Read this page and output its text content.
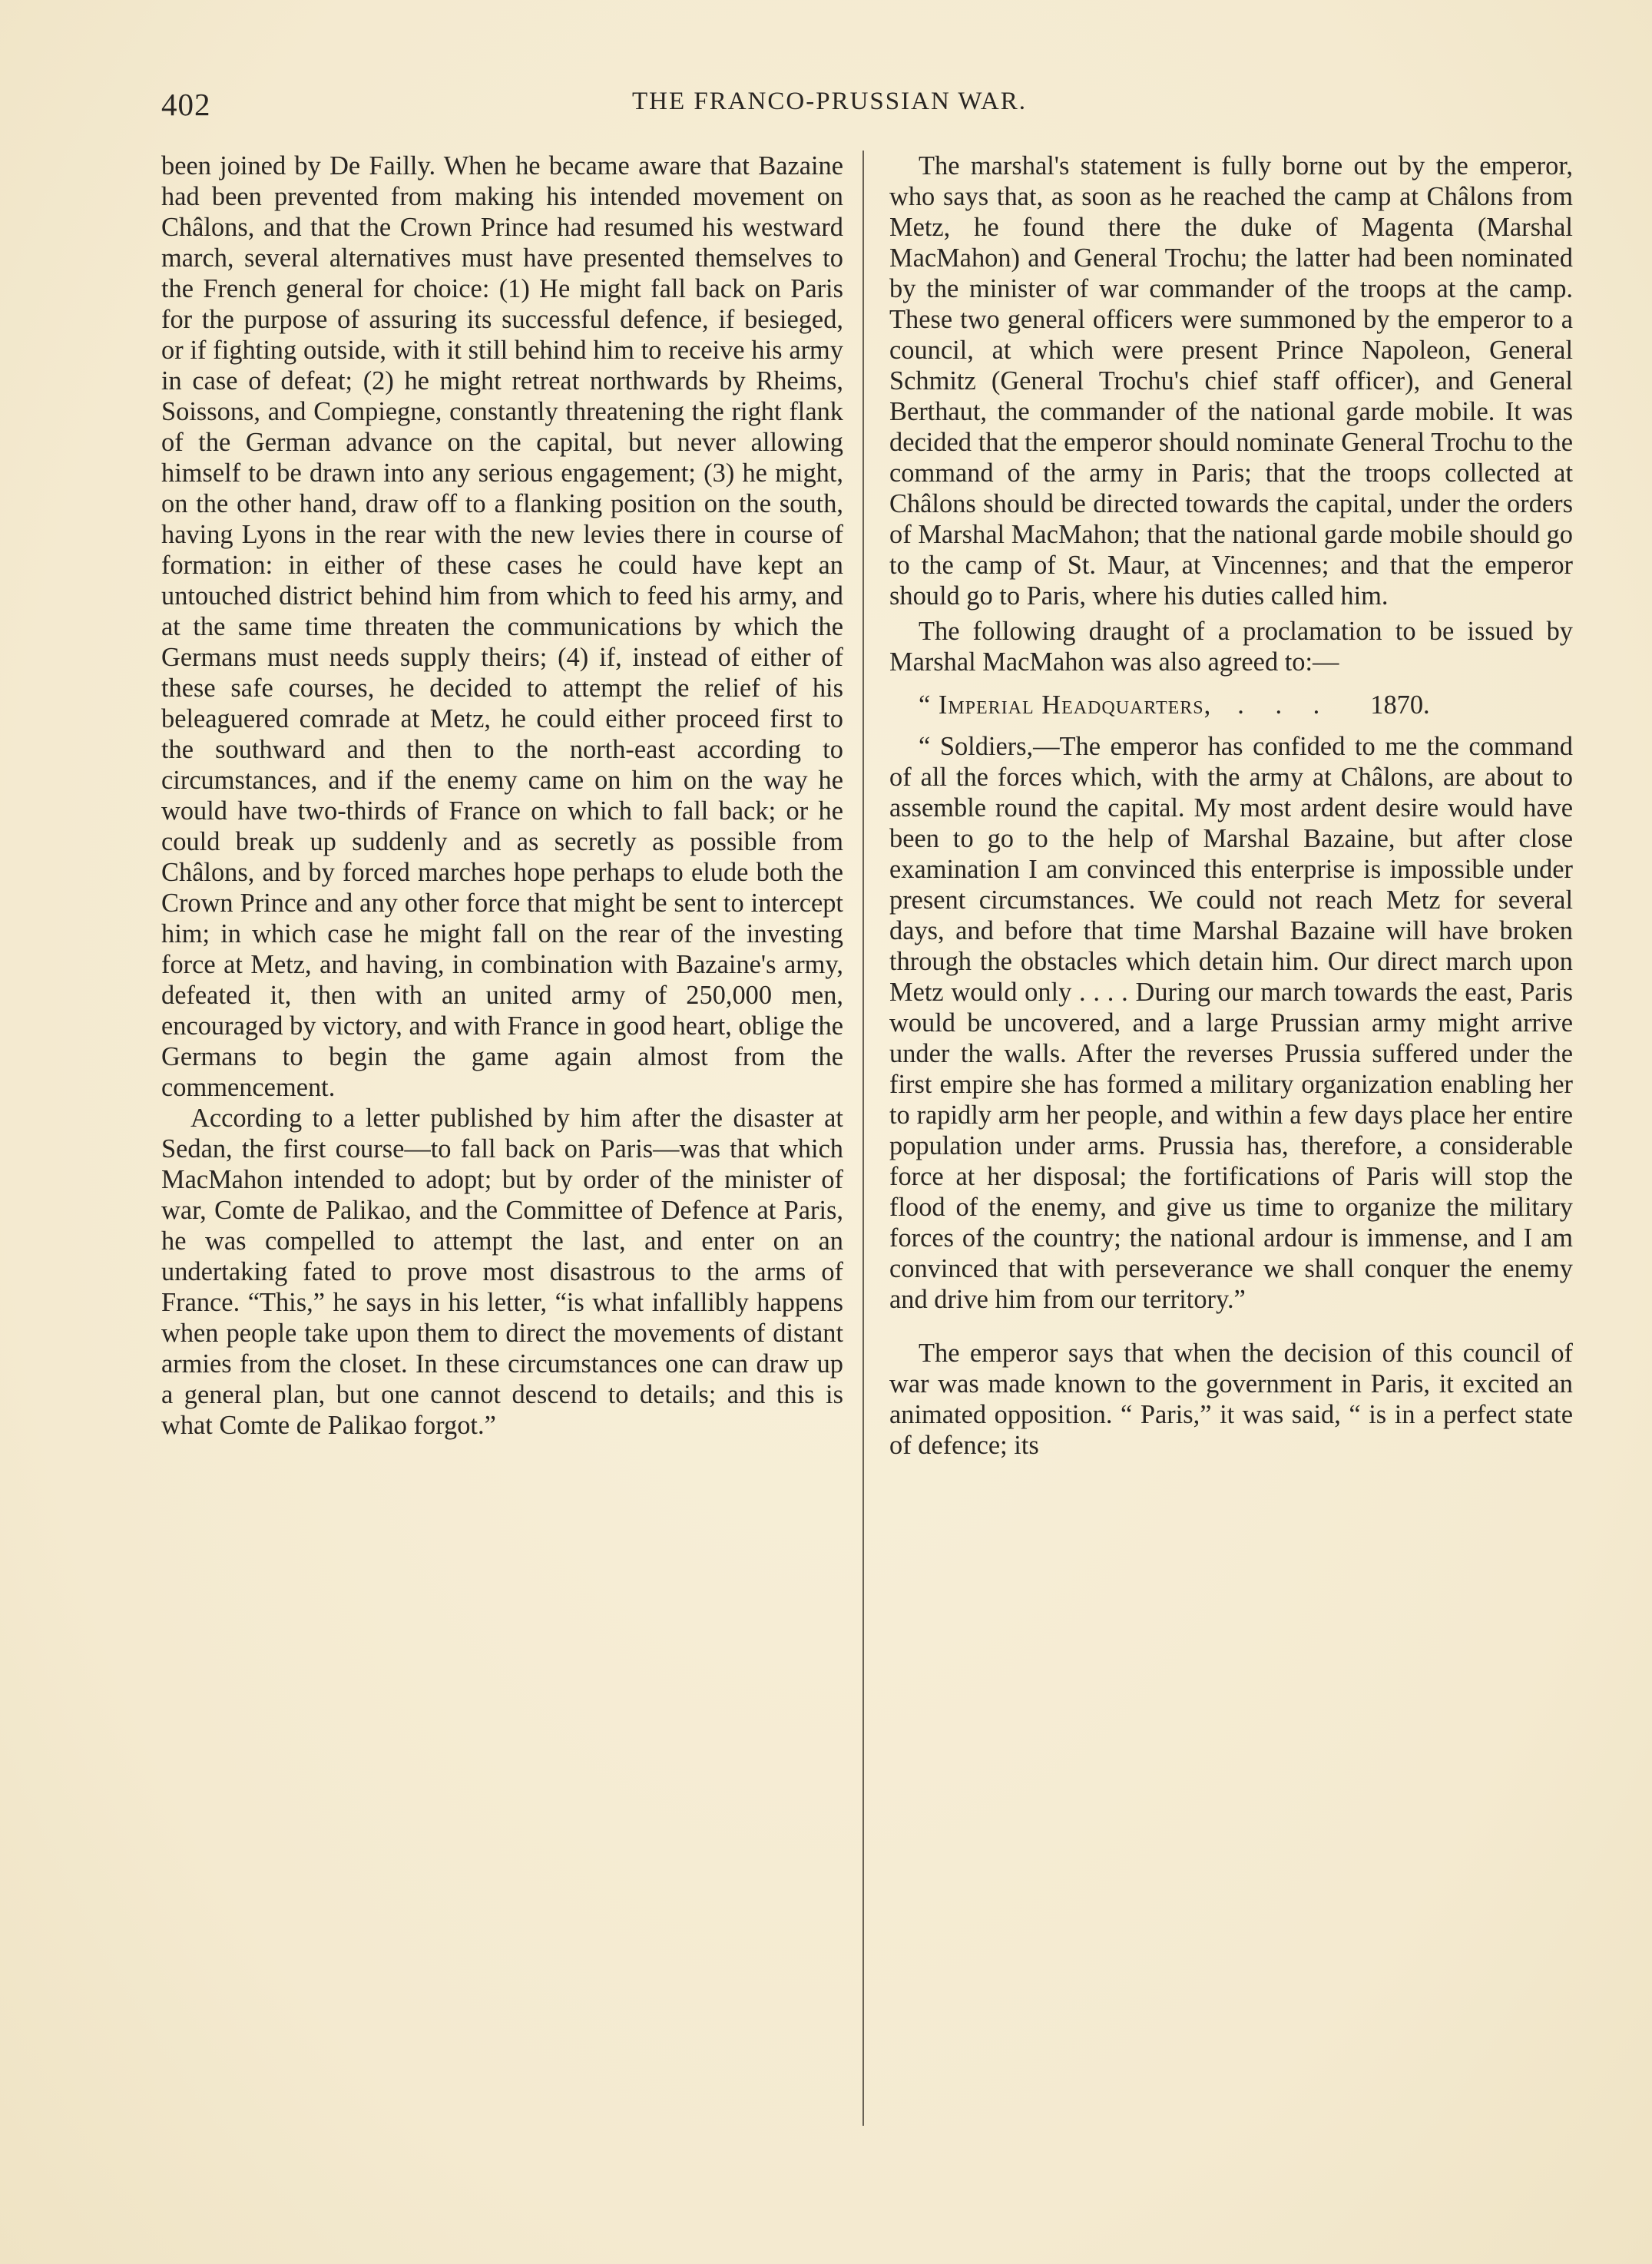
402	THE FRANCO-PRUSSIAN WAR.

been joined by De Failly. When he became aware that Bazaine had been prevented from making his intended movement on Châlons, and that the Crown Prince had resumed his westward march, several alternatives must have presented themselves to the French general for choice: (1) He might fall back on Paris for the purpose of assuring its successful defence, if besieged, or if fighting outside, with it still behind him to receive his army in case of defeat; (2) he might retreat northwards by Rheims, Soissons, and Compiegne, constantly threatening the right flank of the German advance on the capital, but never allowing himself to be drawn into any serious engagement; (3) he might, on the other hand, draw off to a flanking position on the south, having Lyons in the rear with the new levies there in course of formation: in either of these cases he could have kept an untouched district behind him from which to feed his army, and at the same time threaten the communications by which the Germans must needs supply theirs; (4) if, instead of either of these safe courses, he decided to attempt the relief of his beleaguered comrade at Metz, he could either proceed first to the southward and then to the north-east according to circumstances, and if the enemy came on him on the way he would have two-thirds of France on which to fall back; or he could break up suddenly and as secretly as possible from Châlons, and by forced marches hope perhaps to elude both the Crown Prince and any other force that might be sent to intercept him; in which case he might fall on the rear of the investing force at Metz, and having, in combination with Bazaine's army, defeated it, then with an united army of 250,000 men, encouraged by victory, and with France in good heart, oblige the Germans to begin the game again almost from the commencement.

According to a letter published by him after the disaster at Sedan, the first course—to fall back on Paris—was that which MacMahon intended to adopt; but by order of the minister of war, Comte de Palikao, and the Committee of Defence at Paris, he was compelled to attempt the last, and enter on an undertaking fated to prove most disastrous to the arms of France. “This,” he says in his letter, “is what infallibly happens when people take upon them to direct the movements of distant armies from the closet. In these circumstances one can draw up a general plan, but one cannot descend to details; and this is what Comte de Palikao forgot.”

The marshal's statement is fully borne out by the emperor, who says that, as soon as he reached the camp at Châlons from Metz, he found there the duke of Magenta (Marshal MacMahon) and General Trochu; the latter had been nominated by the minister of war commander of the troops at the camp. These two general officers were summoned by the emperor to a council, at which were present Prince Napoleon, General Schmitz (General Trochu's chief staff officer), and General Berthaut, the commander of the national garde mobile. It was decided that the emperor should nominate General Trochu to the command of the army in Paris; that the troops collected at Châlons should be directed towards the capital, under the orders of Marshal MacMahon; that the national garde mobile should go to the camp of St. Maur, at Vincennes; and that the emperor should go to Paris, where his duties called him.

The following draught of a proclamation to be issued by Marshal MacMahon was also agreed to:—

“ Imperial Headquarters, . . . 1870.

“ Soldiers,—The emperor has confided to me the command of all the forces which, with the army at Châlons, are about to assemble round the capital. My most ardent desire would have been to go to the help of Marshal Bazaine, but after close examination I am convinced this enterprise is impossible under present circumstances. We could not reach Metz for several days, and before that time Marshal Bazaine will have broken through the obstacles which detain him. Our direct march upon Metz would only . . . . During our march towards the east, Paris would be uncovered, and a large Prussian army might arrive under the walls. After the reverses Prussia suffered under the first empire she has formed a military organization enabling her to rapidly arm her people, and within a few days place her entire population under arms. Prussia has, therefore, a considerable force at her disposal; the fortifications of Paris will stop the flood of the enemy, and give us time to organize the military forces of the country; the national ardour is immense, and I am convinced that with perseverance we shall conquer the enemy and drive him from our territory.”

The emperor says that when the decision of this council of war was made known to the government in Paris, it excited an animated opposition. “ Paris,” it was said, “ is in a perfect state of defence; its
